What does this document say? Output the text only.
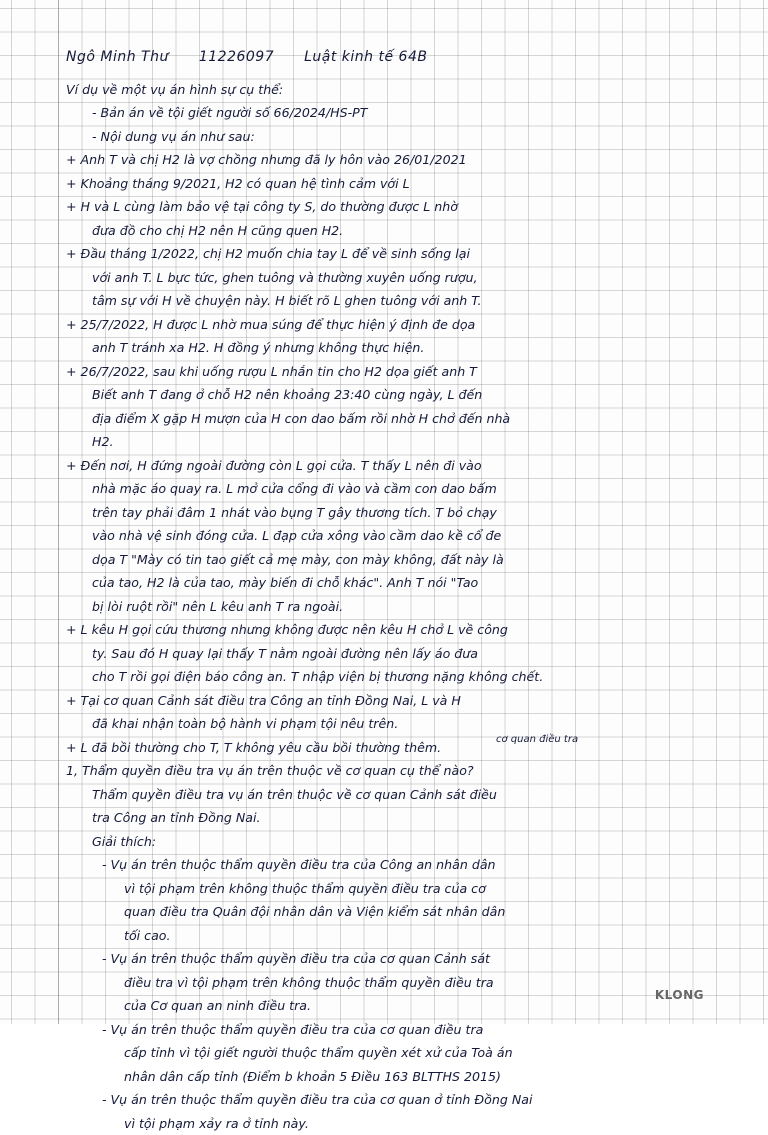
Ngô Minh Thư 11226097 Luật kinh tế 64B
Ví dụ về một vụ án hình sự cụ thể:
- Bản án về tội giết người số 66/2024/HS-PT
- Nội dung vụ án như sau:
+ Anh T và chị H2 là vợ chồng nhưng đã ly hôn vào 26/01/2021
+ Khoảng tháng 9/2021, H2 có quan hệ tình cảm với L
+ H và L cùng làm bảo vệ tại công ty S, do thường được L nhờ
đưa đồ cho chị H2 nên H cũng quen H2.
+ Đầu tháng 1/2022, chị H2 muốn chia tay L để về sinh sống lại
với anh T. L bực tức, ghen tuông và thường xuyên uống rượu,
tâm sự với H về chuyện này. H biết rõ L ghen tuông với anh T.
+ 25/7/2022, H được L nhờ mua súng để thực hiện ý định đe dọa
anh T tránh xa H2. H đồng ý nhưng không thực hiện.
+ 26/7/2022, sau khi uống rượu L nhắn tin cho H2 dọa giết anh T
Biết anh T đang ở chỗ H2 nên khoảng 23:40 cùng ngày, L đến
địa điểm X gặp H mượn của H con dao bấm rồi nhờ H chở đến nhà
H2.
+ Đến nơi, H đứng ngoài đường còn L gọi cửa. T thấy L nên đi vào
nhà mặc áo quay ra. L mở cửa cổng đi vào và cầm con dao bấm
trên tay phải đâm 1 nhát vào bụng T gây thương tích. T bỏ chạy
vào nhà vệ sinh đóng cửa. L đạp cửa xông vào cầm dao kề cổ đe
dọa T "Mày có tin tao giết cả mẹ mày, con mày không, đất này là
của tao, H2 là của tao, mày biến đi chỗ khác". Anh T nói "Tao
bị lòi ruột rồi" nên L kêu anh T ra ngoài.
+ L kêu H gọi cứu thương nhưng không được nên kêu H chở L về công
ty. Sau đó H quay lại thấy T nằm ngoài đường nên lấy áo đưa
cho T rồi gọi điện báo công an. T nhập viện bị thương nặng không chết.
+ Tại cơ quan Cảnh sát điều tra Công an tỉnh Đồng Nai, L và H
đã khai nhận toàn bộ hành vi phạm tội nêu trên.
+ L đã bồi thường cho T, T không yêu cầu bồi thường thêm.
1, Thẩm quyền điều tra vụ án trên thuộc về cơ quan cụ thể nào?
Thẩm quyền điều tra vụ án trên thuộc về cơ quan Cảnh sát điều
tra Công an tỉnh Đồng Nai.
Giải thích:
- Vụ án trên thuộc thẩm quyền điều tra của Công an nhân dân
vì tội phạm trên không thuộc thẩm quyền điều tra của cơ
quan điều tra Quân đội nhân dân và Viện kiểm sát nhân dân
tối cao.
- Vụ án trên thuộc thẩm quyền điều tra của cơ quan Cảnh sát
điều tra vì tội phạm trên không thuộc thẩm quyền điều tra
của Cơ quan an ninh điều tra.
- Vụ án trên thuộc thẩm quyền điều tra của cơ quan điều tra
cấp tỉnh vì tội giết người thuộc thẩm quyền xét xử của Toà án
nhân dân cấp tỉnh (Điểm b khoản 5 Điều 163 BLTTHS 2015)
- Vụ án trên thuộc thẩm quyền điều tra của cơ quan ở tỉnh Đồng Nai
vì tội phạm xảy ra ở tỉnh này.
cơ quan điều tra
KLONG
